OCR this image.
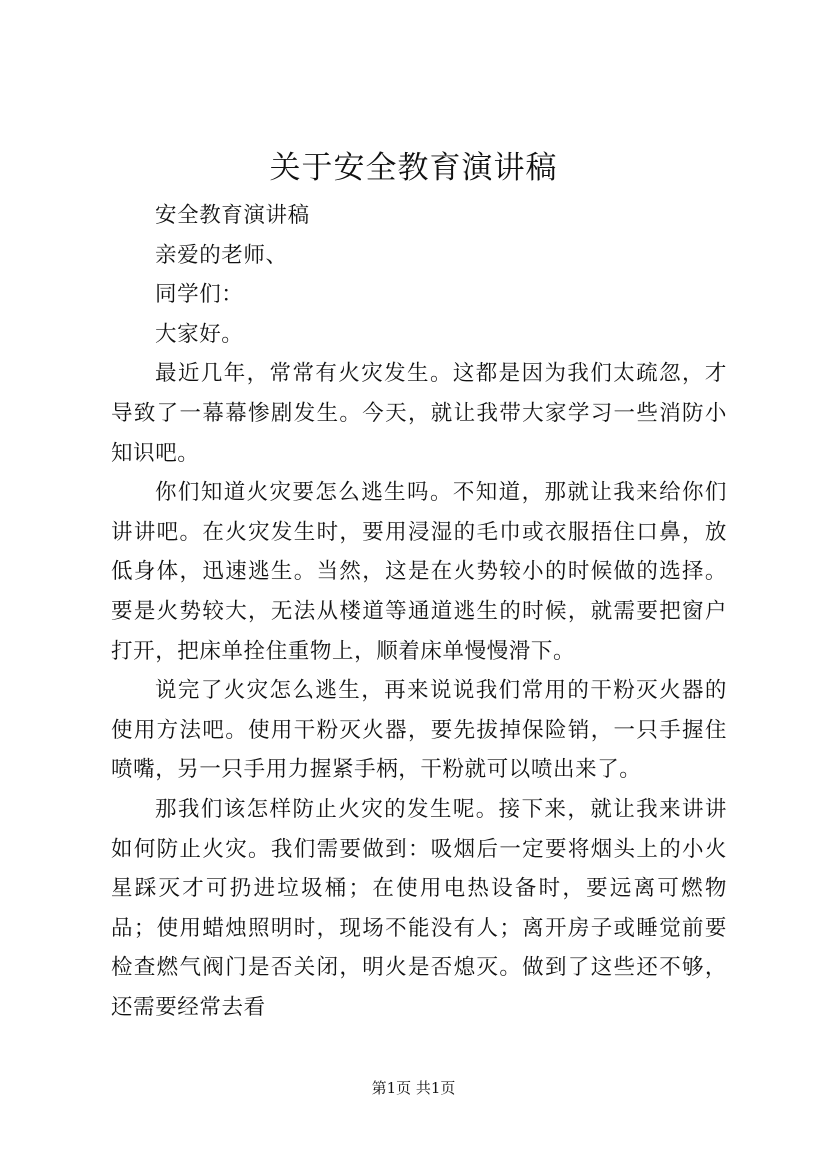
关于安全教育演讲稿

安全教育演讲稿

亲爱的老师、

同学们：

大家好。

最近几年，常常有火灾发生。这都是因为我们太疏忽，才导致了一幕幕惨剧发生。今天，就让我带大家学习一些消防小知识吧。

你们知道火灾要怎么逃生吗。不知道，那就让我来给你们讲讲吧。在火灾发生时，要用浸湿的毛巾或衣服捂住口鼻，放低身体，迅速逃生。当然，这是在火势较小的时候做的选择。要是火势较大，无法从楼道等通道逃生的时候，就需要把窗户打开，把床单拴住重物上，顺着床单慢慢滑下。

说完了火灾怎么逃生，再来说说我们常用的干粉灭火器的使用方法吧。使用干粉灭火器，要先拔掉保险销，一只手握住喷嘴，另一只手用力握紧手柄，干粉就可以喷出来了。

那我们该怎样防止火灾的发生呢。接下来，就让我来讲讲如何防止火灾。我们需要做到：吸烟后一定要将烟头上的小火星踩灭才可扔进垃圾桶；在使用电热设备时，要远离可燃物品；使用蜡烛照明时，现场不能没有人；离开房子或睡觉前要检查燃气阀门是否关闭，明火是否熄灭。做到了这些还不够，还需要经常去看

第1页 共1页
